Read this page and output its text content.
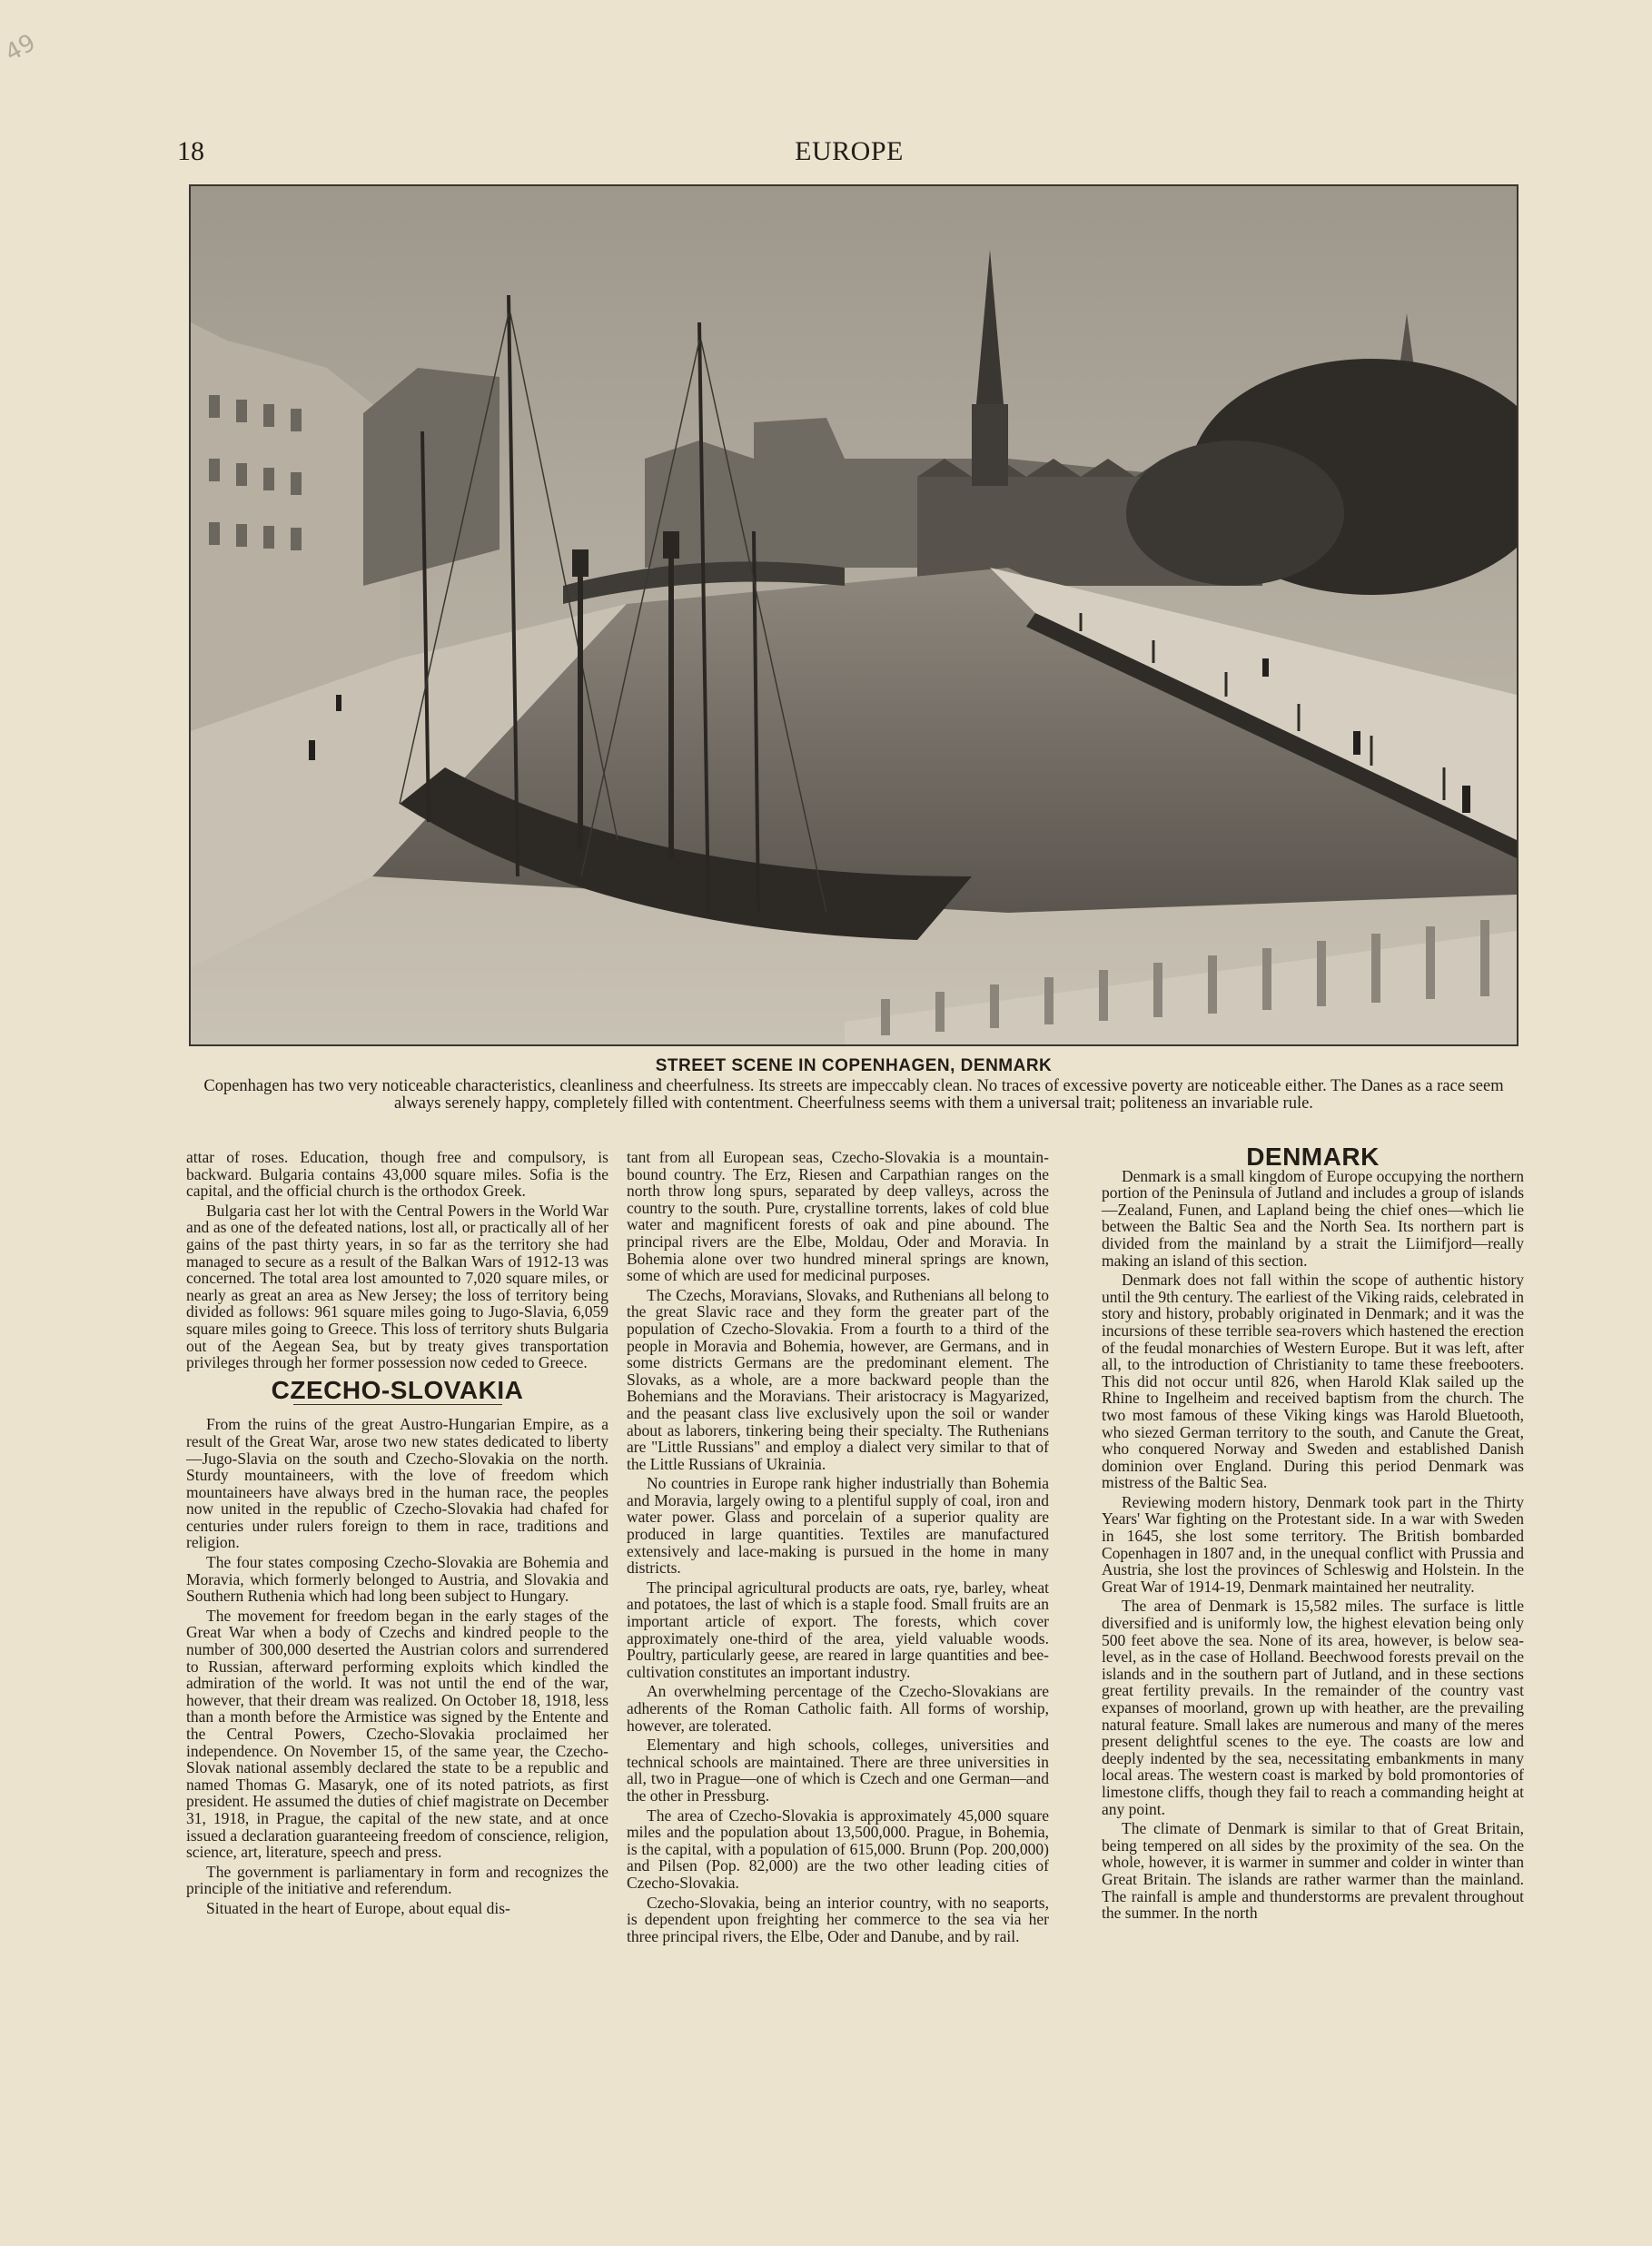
49
18	EUROPE
STREET SCENE IN COPENHAGEN, DENMARK
Copenhagen has two very noticeable characteristics, cleanliness and cheerfulness. Its streets are impeccably clean. No traces of excessive poverty are noticeable either. The Danes as a race seem always serenely happy, completely filled with contentment. Cheerfulness seems with them a universal trait; politeness an invariable rule.

attar of roses. Education, though free and compulsory, is backward. Bulgaria contains 43,000 square miles. Sofia is the capital, and the official church is the orthodox Greek.

Bulgaria cast her lot with the Central Powers in the World War and as one of the defeated nations, lost all, or practically all of her gains of the past thirty years, in so far as the territory she had managed to secure as a result of the Balkan Wars of 1912-13 was concerned. The total area lost amounted to 7,020 square miles, or nearly as great an area as New Jersey; the loss of territory being divided as follows: 961 square miles going to Jugo-Slavia, 6,059 square miles going to Greece. This loss of territory shuts Bulgaria out of the Aegean Sea, but by treaty gives transportation privileges through her former possession now ceded to Greece.

CZECHO-SLOVAKIA

From the ruins of the great Austro-Hungarian Empire, as a result of the Great War, arose two new states dedicated to liberty—Jugo-Slavia on the south and Czecho-Slovakia on the north. Sturdy mountaineers, with the love of freedom which mountaineers have always bred in the human race, the peoples now united in the republic of Czecho-Slovakia had chafed for centuries under rulers foreign to them in race, traditions and religion.

The four states composing Czecho-Slovakia are Bohemia and Moravia, which formerly belonged to Austria, and Slovakia and Southern Ruthenia which had long been subject to Hungary.

The movement for freedom began in the early stages of the Great War when a body of Czechs and kindred people to the number of 300,000 deserted the Austrian colors and surrendered to Russian, afterward performing exploits which kindled the admiration of the world. It was not until the end of the war, however, that their dream was realized. On October 18, 1918, less than a month before the Armistice was signed by the Entente and the Central Powers, Czecho-Slovakia proclaimed her independence. On November 15, of the same year, the Czecho-Slovak national assembly declared the state to be a republic and named Thomas G. Masaryk, one of its noted patriots, as first president. He assumed the duties of chief magistrate on December 31, 1918, in Prague, the capital of the new state, and at once issued a declaration guaranteeing freedom of conscience, religion, science, art, literature, speech and press.

The government is parliamentary in form and recognizes the principle of the initiative and referendum.

Situated in the heart of Europe, about equal dis-

tant from all European seas, Czecho-Slovakia is a mountain-bound country. The Erz, Riesen and Carpathian ranges on the north throw long spurs, separated by deep valleys, across the country to the south. Pure, crystalline torrents, lakes of cold blue water and magnificent forests of oak and pine abound. The principal rivers are the Elbe, Moldau, Oder and Moravia. In Bohemia alone over two hundred mineral springs are known, some of which are used for medicinal purposes.

The Czechs, Moravians, Slovaks, and Ruthenians all belong to the great Slavic race and they form the greater part of the population of Czecho-Slovakia. From a fourth to a third of the people in Moravia and Bohemia, however, are Germans, and in some districts Germans are the predominant element. The Slovaks, as a whole, are a more backward people than the Bohemians and the Moravians. Their aristocracy is Magyarized, and the peasant class live exclusively upon the soil or wander about as laborers, tinkering being their specialty. The Ruthenians are "Little Russians" and employ a dialect very similar to that of the Little Russians of Ukrainia.

No countries in Europe rank higher industrially than Bohemia and Moravia, largely owing to a plentiful supply of coal, iron and water power. Glass and porcelain of a superior quality are produced in large quantities. Textiles are manufactured extensively and lace-making is pursued in the home in many districts.

The principal agricultural products are oats, rye, barley, wheat and potatoes, the last of which is a staple food. Small fruits are an important article of export. The forests, which cover approximately one-third of the area, yield valuable woods. Poultry, particularly geese, are reared in large quantities and bee-cultivation constitutes an important industry.

An overwhelming percentage of the Czecho-Slovakians are adherents of the Roman Catholic faith. All forms of worship, however, are tolerated.

Elementary and high schools, colleges, universities and technical schools are maintained. There are three universities in all, two in Prague—one of which is Czech and one German—and the other in Pressburg.

The area of Czecho-Slovakia is approximately 45,000 square miles and the population about 13,500,000. Prague, in Bohemia, is the capital, with a population of 615,000. Brunn (Pop. 200,000) and Pilsen (Pop. 82,000) are the two other leading cities of Czecho-Slovakia.

Czecho-Slovakia, being an interior country, with no seaports, is dependent upon freighting her commerce to the sea via her three principal rivers, the Elbe, Oder and Danube, and by rail.

DENMARK

Denmark is a small kingdom of Europe occupying the northern portion of the Peninsula of Jutland and includes a group of islands—Zealand, Funen, and Lapland being the chief ones—which lie between the Baltic Sea and the North Sea. Its northern part is divided from the mainland by a strait the Liimifjord—really making an island of this section.

Denmark does not fall within the scope of authentic history until the 9th century. The earliest of the Viking raids, celebrated in story and history, probably originated in Denmark; and it was the incursions of these terrible sea-rovers which hastened the erection of the feudal monarchies of Western Europe. But it was left, after all, to the introduction of Christianity to tame these freebooters. This did not occur until 826, when Harold Klak sailed up the Rhine to Ingelheim and received baptism from the church. The two most famous of these Viking kings was Harold Bluetooth, who siezed German territory to the south, and Canute the Great, who conquered Norway and Sweden and established Danish dominion over England. During this period Denmark was mistress of the Baltic Sea.

Reviewing modern history, Denmark took part in the Thirty Years' War fighting on the Protestant side. In a war with Sweden in 1645, she lost some territory. The British bombarded Copenhagen in 1807 and, in the unequal conflict with Prussia and Austria, she lost the provinces of Schleswig and Holstein. In the Great War of 1914-19, Denmark maintained her neutrality.

The area of Denmark is 15,582 miles. The surface is little diversified and is uniformly low, the highest elevation being only 500 feet above the sea. None of its area, however, is below sea-level, as in the case of Holland. Beechwood forests prevail on the islands and in the southern part of Jutland, and in these sections great fertility prevails. In the remainder of the country vast expanses of moorland, grown up with heather, are the prevailing natural feature. Small lakes are numerous and many of the meres present delightful scenes to the eye. The coasts are low and deeply indented by the sea, necessitating embankments in many local areas. The western coast is marked by bold promontories of limestone cliffs, though they fail to reach a commanding height at any point.

The climate of Denmark is similar to that of Great Britain, being tempered on all sides by the proximity of the sea. On the whole, however, it is warmer in summer and colder in winter than Great Britain. The islands are rather warmer than the mainland. The rainfall is ample and thunderstorms are prevalent throughout the summer. In the north
